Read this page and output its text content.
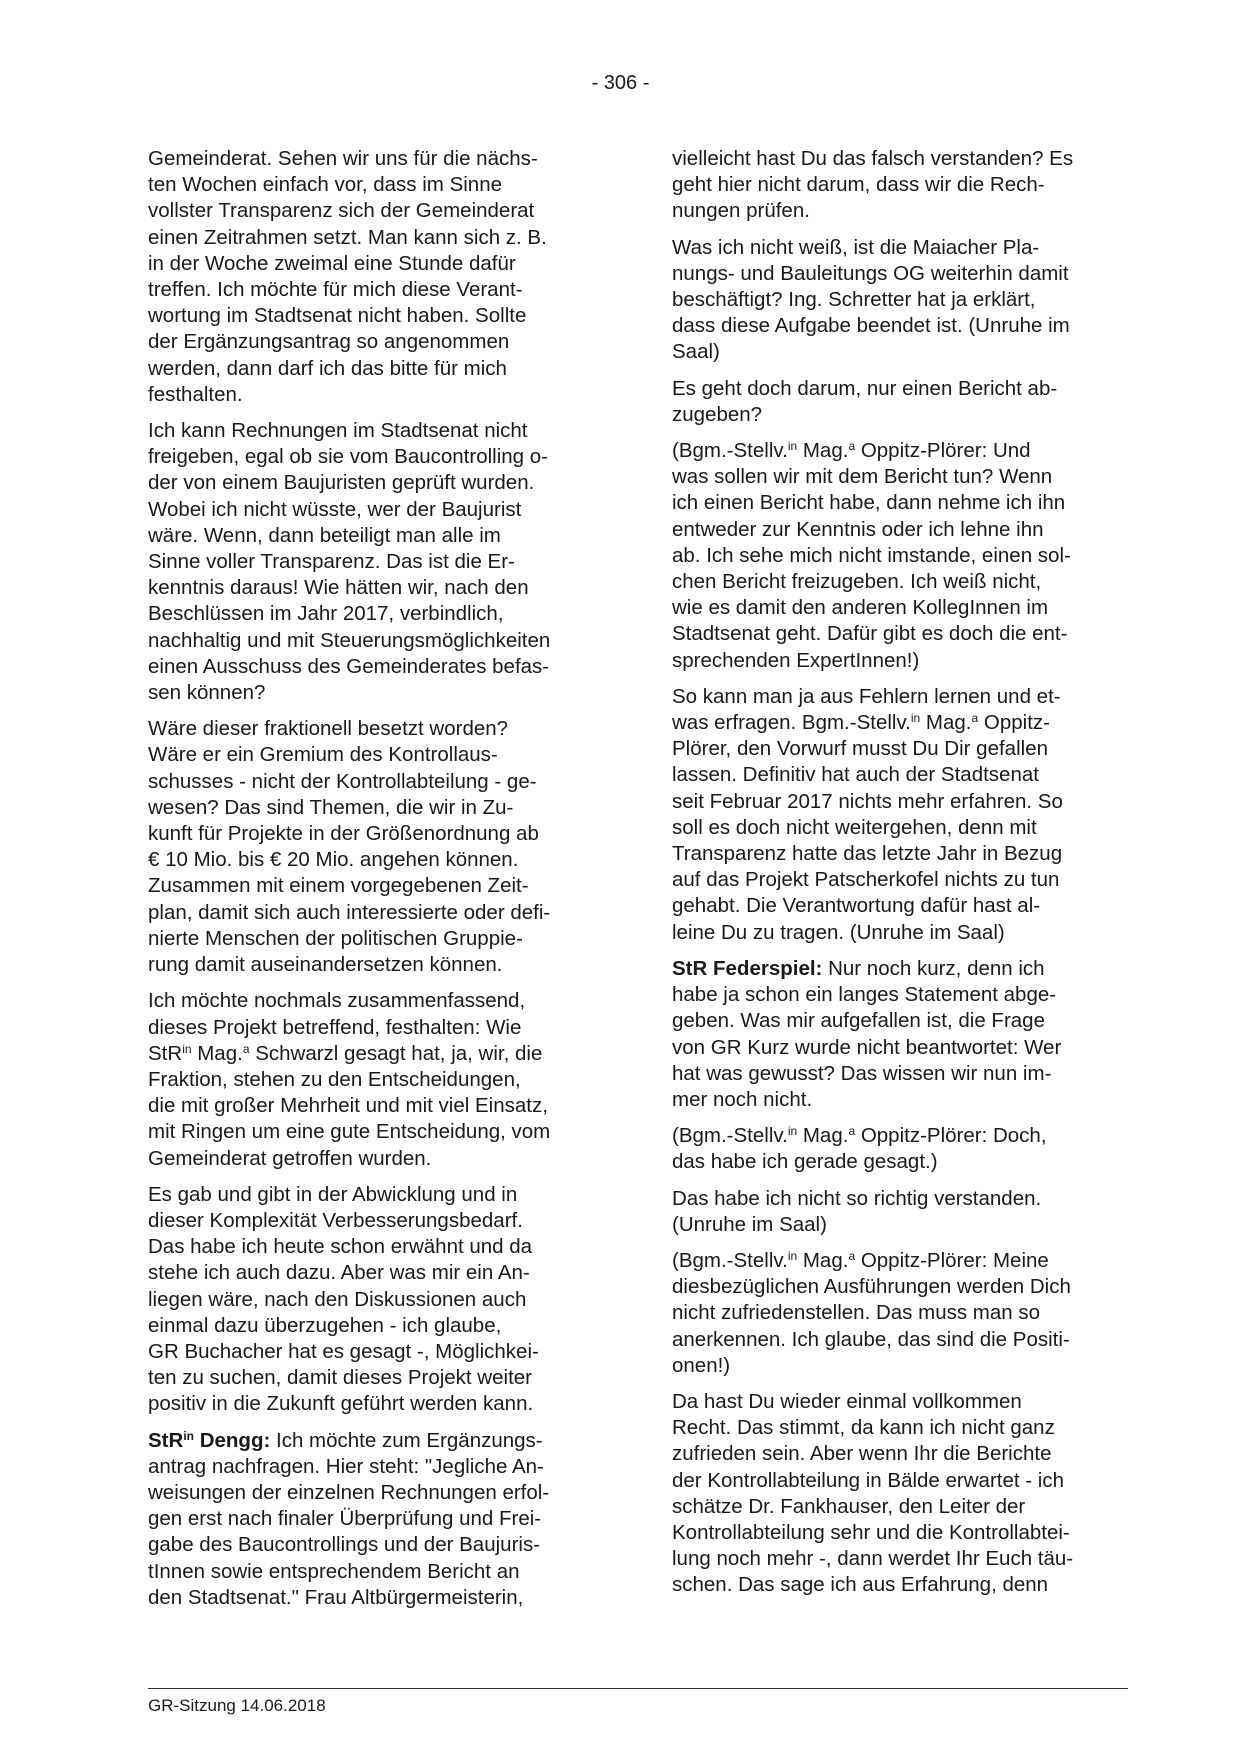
- 306 -

Gemeinderat. Sehen wir uns für die nächs-
ten Wochen einfach vor, dass im Sinne
vollster Transparenz sich der Gemeinderat
einen Zeitrahmen setzt. Man kann sich z. B.
in der Woche zweimal eine Stunde dafür
treffen. Ich möchte für mich diese Verant-
wortung im Stadtsenat nicht haben. Sollte
der Ergänzungsantrag so angenommen
werden, dann darf ich das bitte für mich
festhalten.

Ich kann Rechnungen im Stadtsenat nicht
freigeben, egal ob sie vom Baucontrolling o-
der von einem Baujuristen geprüft wurden.
Wobei ich nicht wüsste, wer der Baujurist
wäre. Wenn, dann beteiligt man alle im
Sinne voller Transparenz. Das ist die Er-
kenntnis daraus! Wie hätten wir, nach den
Beschlüssen im Jahr 2017, verbindlich,
nachhaltig und mit Steuerungsmöglichkeiten
einen Ausschuss des Gemeinderates befas-
sen können?

Wäre dieser fraktionell besetzt worden?
Wäre er ein Gremium des Kontrollaus-
schusses - nicht der Kontrollabteilung - ge-
wesen? Das sind Themen, die wir in Zu-
kunft für Projekte in der Größenordnung ab
€ 10 Mio. bis € 20 Mio. angehen können.
Zusammen mit einem vorgegebenen Zeit-
plan, damit sich auch interessierte oder defi-
nierte Menschen der politischen Gruppie-
rung damit auseinandersetzen können.

Ich möchte nochmals zusammenfassend,
dieses Projekt betreffend, festhalten: Wie
StR$^{in}$ Mag.$^a$ Schwarzl gesagt hat, ja, wir, die
Fraktion, stehen zu den Entscheidungen,
die mit großer Mehrheit und mit viel Einsatz,
mit Ringen um eine gute Entscheidung, vom
Gemeinderat getroffen wurden.

Es gab und gibt in der Abwicklung und in
dieser Komplexität Verbesserungsbedarf.
Das habe ich heute schon erwähnt und da
stehe ich auch dazu. Aber was mir ein An-
liegen wäre, nach den Diskussionen auch
einmal dazu überzugehen - ich glaube,
GR Buchacher hat es gesagt -, Möglichkei-
ten zu suchen, damit dieses Projekt weiter
positiv in die Zukunft geführt werden kann.

StR$^{in}$ Dengg: Ich möchte zum Ergänzungs-
antrag nachfragen. Hier steht: "Jegliche An-
weisungen der einzelnen Rechnungen erfol-
gen erst nach finaler Überprüfung und Frei-
gabe des Baucontrollings und der Baujuris-
tInnen sowie entsprechendem Bericht an
den Stadtsenat." Frau Altbürgermeisterin,

vielleicht hast Du das falsch verstanden? Es
geht hier nicht darum, dass wir die Rech-
nungen prüfen.

Was ich nicht weiß, ist die Maiacher Pla-
nungs- und Bauleitungs OG weiterhin damit
beschäftigt? Ing. Schretter hat ja erklärt,
dass diese Aufgabe beendet ist. (Unruhe im
Saal)

Es geht doch darum, nur einen Bericht ab-
zugeben?

(Bgm.-Stellv.$^{in}$ Mag.$^a$ Oppitz-Plörer: Und
was sollen wir mit dem Bericht tun? Wenn
ich einen Bericht habe, dann nehme ich ihn
entweder zur Kenntnis oder ich lehne ihn
ab. Ich sehe mich nicht imstande, einen sol-
chen Bericht freizugeben. Ich weiß nicht,
wie es damit den anderen KollegInnen im
Stadtsenat geht. Dafür gibt es doch die ent-
sprechenden ExpertInnen!)

So kann man ja aus Fehlern lernen und et-
was erfragen. Bgm.-Stellv.$^{in}$ Mag.$^a$ Oppitz-
Plörer, den Vorwurf musst Du Dir gefallen
lassen. Definitiv hat auch der Stadtsenat
seit Februar 2017 nichts mehr erfahren. So
soll es doch nicht weitergehen, denn mit
Transparenz hatte das letzte Jahr in Bezug
auf das Projekt Patscherkofel nichts zu tun
gehabt. Die Verantwortung dafür hast al-
leine Du zu tragen. (Unruhe im Saal)

StR Federspiel: Nur noch kurz, denn ich
habe ja schon ein langes Statement abge-
geben. Was mir aufgefallen ist, die Frage
von GR Kurz wurde nicht beantwortet: Wer
hat was gewusst? Das wissen wir nun im-
mer noch nicht.

(Bgm.-Stellv.$^{in}$ Mag.$^a$ Oppitz-Plörer: Doch,
das habe ich gerade gesagt.)

Das habe ich nicht so richtig verstanden.
(Unruhe im Saal)

(Bgm.-Stellv.$^{in}$ Mag.$^a$ Oppitz-Plörer: Meine
diesbezüglichen Ausführungen werden Dich
nicht zufriedenstellen. Das muss man so
anerkennen. Ich glaube, das sind die Positi-
onen!)

Da hast Du wieder einmal vollkommen
Recht. Das stimmt, da kann ich nicht ganz
zufrieden sein. Aber wenn Ihr die Berichte
der Kontrollabteilung in Bälde erwartet - ich
schätze Dr. Fankhauser, den Leiter der
Kontrollabteilung sehr und die Kontrollabtei-
lung noch mehr -, dann werdet Ihr Euch täu-
schen. Das sage ich aus Erfahrung, denn

GR-Sitzung 14.06.2018
